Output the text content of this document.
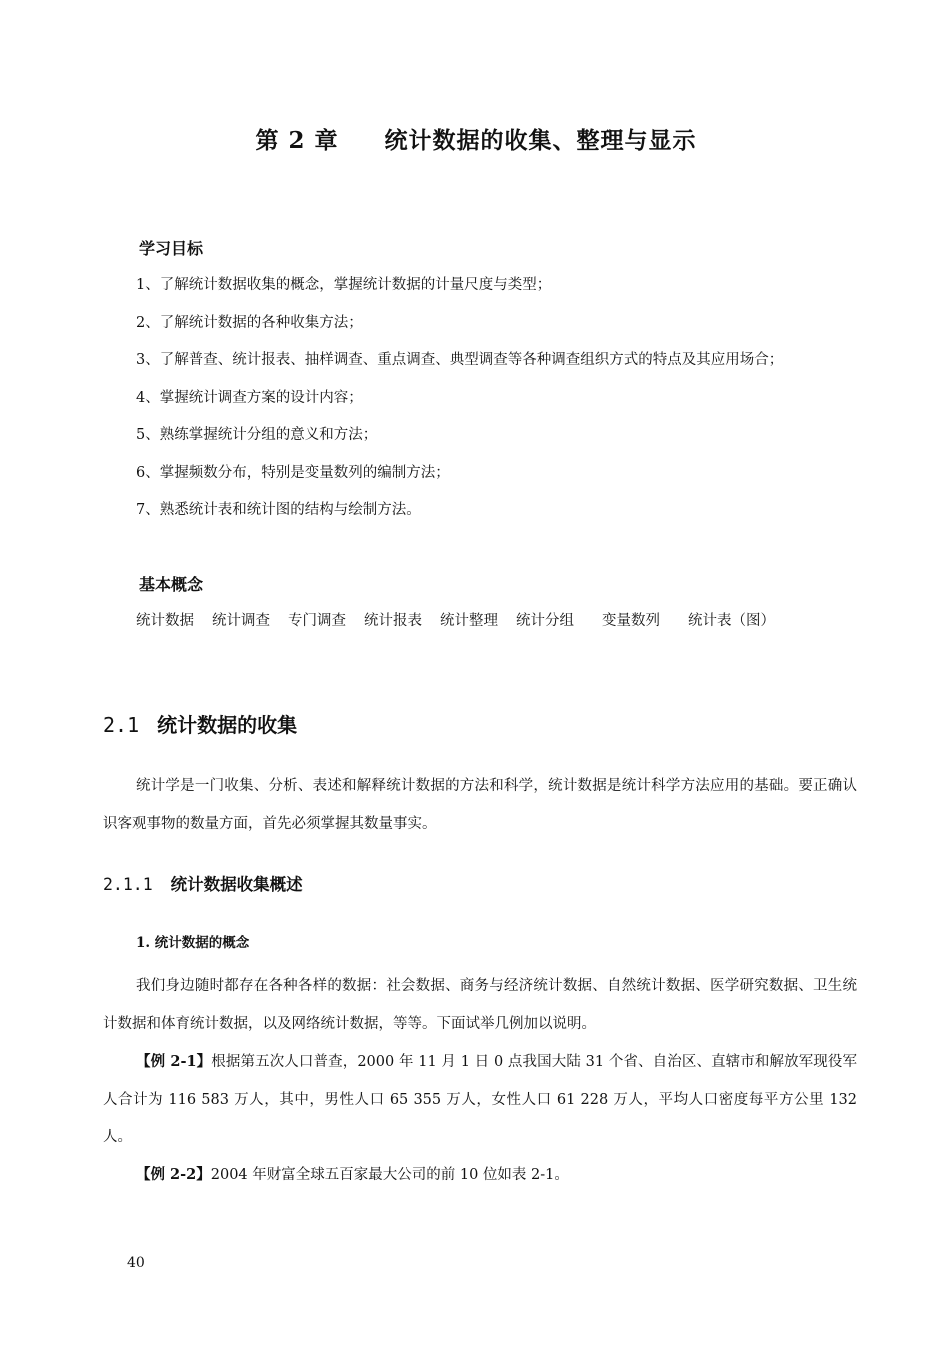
第 2 章 统计数据的收集、整理与显示
学习目标
1、了解统计数据收集的概念，掌握统计数据的计量尺度与类型；
2、了解统计数据的各种收集方法；
3、了解普查、统计报表、抽样调查、重点调查、典型调查等各种调查组织方式的特点及其应用场合；
4、掌握统计调查方案的设计内容；
5、熟练掌握统计分组的意义和方法；
6、掌握频数分布，特别是变量数列的编制方法；
7、熟悉统计表和统计图的结构与绘制方法。
基本概念
统计数据 统计调查 专门调查 统计报表 统计整理 统计分组 变量数列 统计表（图）
2.1 统计数据的收集
统计学是一门收集、分析、表述和解释统计数据的方法和科学，统计数据是统计科学方法应用的基础。要正确认识客观事物的数量方面，首先必须掌握其数量事实。
2.1.1 统计数据收集概述
1. 统计数据的概念
我们身边随时都存在各种各样的数据：社会数据、商务与经济统计数据、自然统计数据、医学研究数据、卫生统计数据和体育统计数据，以及网络统计数据，等等。下面试举几例加以说明。
【例 2-1】根据第五次人口普查，2000 年 11 月 1 日 0 点我国大陆 31 个省、自治区、直辖市和解放军现役军人合计为 116 583 万人，其中，男性人口 65 355 万人，女性人口 61 228 万人，平均人口密度每平方公里 132 人。
【例 2-2】2004 年财富全球五百家最大公司的前 10 位如表 2-1。
40
